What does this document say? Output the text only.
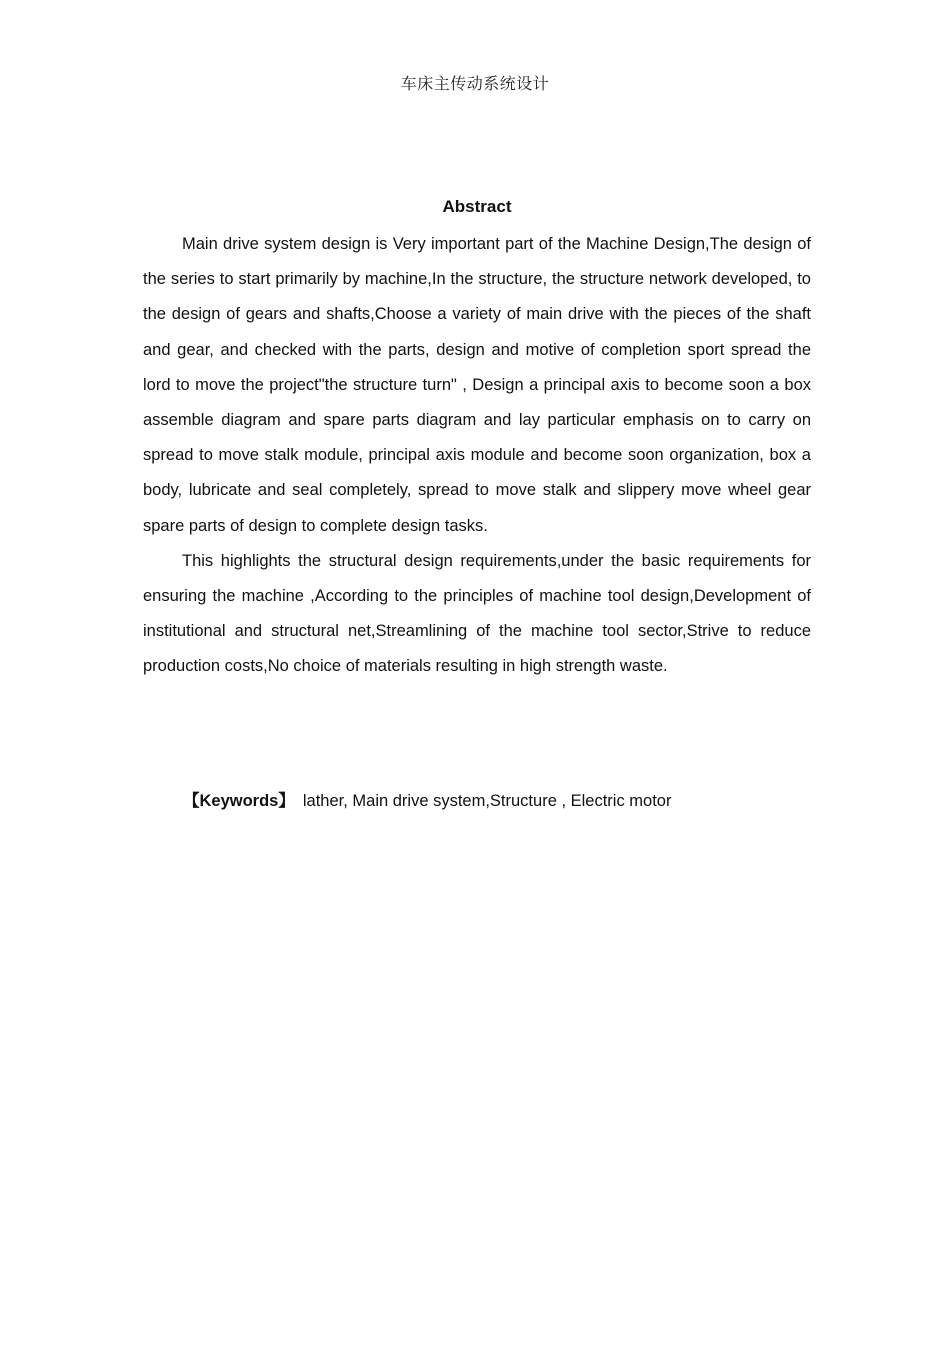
车床主传动系统设计
Abstract

Main drive system design is Very important part of the Machine Design,The design of the series to start primarily by machine,In the structure, the structure network developed, to the design of gears and shafts,Choose a variety of main drive with the pieces of the shaft and gear, and checked with the parts, design and motive of completion sport spread the lord to move the project"the structure turn" , Design a principal axis to become soon a box assemble diagram and spare parts diagram and lay particular emphasis on to carry on spread to move stalk module, principal axis module and become soon organization, box a body, lubricate and seal completely, spread to move stalk and slippery move wheel gear spare parts of design to complete design tasks.

This highlights the structural design requirements,under the basic requirements for ensuring the machine ,According to the principles of machine tool design,Development of institutional and structural net,Streamlining of the machine tool sector,Strive to reduce production costs,No choice of materials resulting in high strength waste.

【Keywords】 lather, Main drive system,Structure , Electric motor
